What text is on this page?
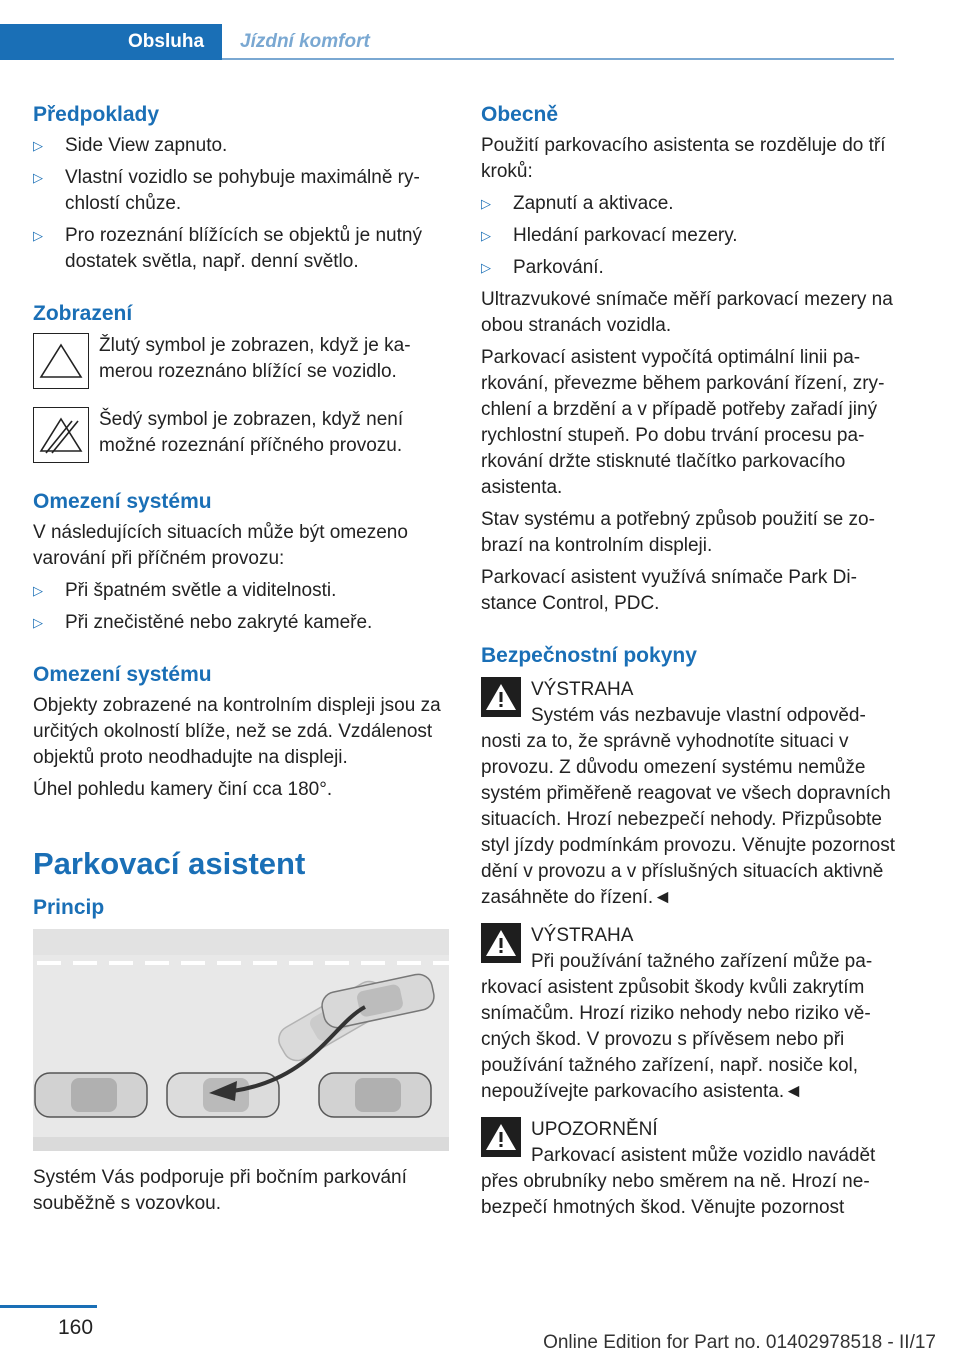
Obsluha	Jízdní komfort
Předpoklady
▷ Side View zapnuto.
▷ Vlastní vozidlo se pohybuje maximálně rychlostí chůze.
▷ Pro rozeznání blížících se objektů je nutný dostatek světla, např. denní světlo.
Zobrazení

Žlutý symbol je zobrazen, když je kamerou rozeznáno blížící se vozidlo.

Šedý symbol je zobrazen, když není možné rozeznání příčného provozu.

Omezení systému

V následujících situacích může být omezeno varování při příčném provozu:

▷ Při špatném světle a viditelnosti.
▷ Při znečistěné nebo zakryté kameře.
Omezení systému

Objekty zobrazené na kontrolním displeji jsou za určitých okolností blíže, než se zdá. Vzdálenost objektů proto neodhadujte na displeji.

Úhel pohledu kamery činí cca 180°.

Parkovací asistent
Princip

Systém Vás podporuje při bočním parkování souběžně s vozovkou.

Obecně

Použití parkovacího asistenta se rozděluje do tří kroků:

▷ Zapnutí a aktivace.
▷ Hledání parkovací mezery.
▷ Parkování.

Ultrazvukové snímače měří parkovací mezery na obou stranách vozidla.

Parkovací asistent vypočítá optimální linii parkování, převezme během parkování řízení, zrychlení a brzdění a v případě potřeby zařadí jiný rychlostní stupeň. Po dobu trvání procesu parkování držte stisknuté tlačítko parkovacího asistenta.

Stav systému a potřebný způsob použití se zobrazí na kontrolním displeji.

Parkovací asistent využívá snímače Park Distance Control, PDC.

Bezpečnostní pokyny
VÝSTRAHA

Systém vás nezbavuje vlastní odpovědnosti za to, že správně vyhodnotíte situaci v provozu. Z důvodu omezení systému nemůže systém přiměřeně reagovat ve všech dopravních situacích. Hrozí nebezpečí nehody. Přizpůsobte styl jízdy podmínkám provozu. Věnujte pozornost dění v provozu a v příslušných situacích aktivně zasáhněte do řízení.◄

VÝSTRAHA

Při používání tažného zařízení může parkovací asistent způsobit škody kvůli zakrytím snímačům. Hrozí riziko nehody nebo riziko věcných škod. V provozu s přívěsem nebo při používání tažného zařízení, např. nosiče kol, nepoužívejte parkovacího asistenta.◄

UPOZORNĚNÍ

Parkovací asistent může vozidlo navádět přes obrubníky nebo směrem na ně. Hrozí nebezpečí hmotných škod. Věnujte pozornost

160
Online Edition for Part no. 01402978518 - II/17
